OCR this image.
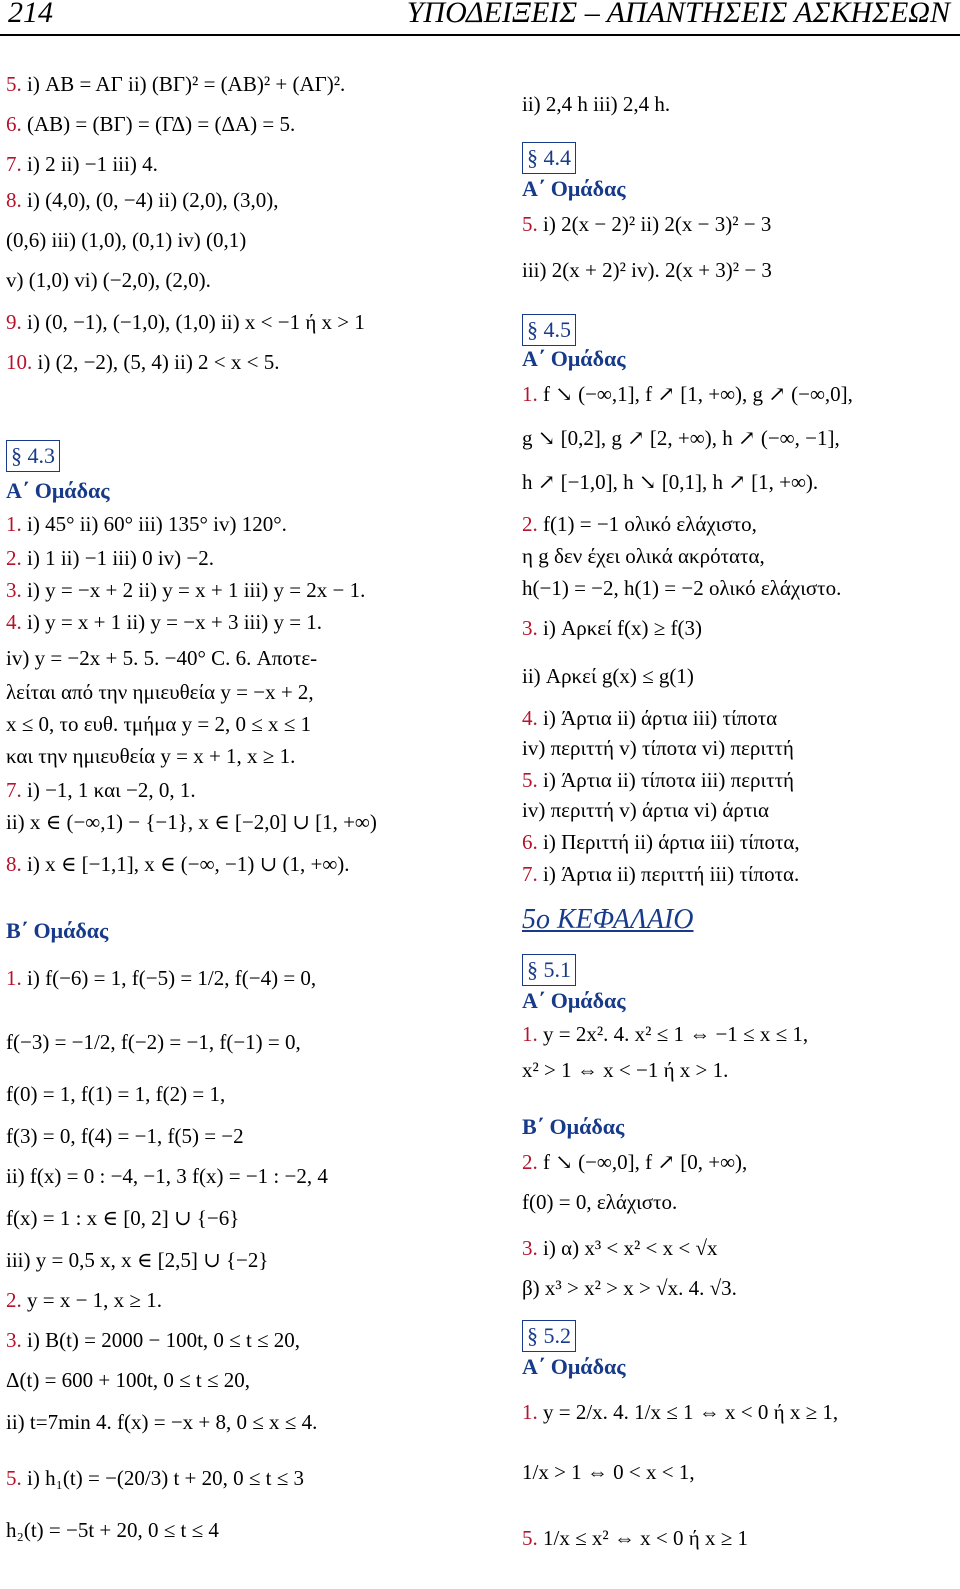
214	ΥΠΟΔΕΙΞΕΙΣ – ΑΠΑΝΤΗΣΕΙΣ ΑΣΚΗΣΕΩΝ
5. i) ΑΒ = ΑΓ ii) (ΒΓ)² = (ΑΒ)² + (ΑΓ)².
6. (ΑΒ) = (ΒΓ) = (ΓΔ) = (ΔΑ) = 5.
7. i) 2 ii) −1 iii) 4.
8. i) (4,0), (0, −4) ii) (2,0), (3,0),
(0,6) iii) (1,0), (0,1) iv) (0,1)
v) (1,0) vi) (−2,0), (2,0).
9. i) (0, −1), (−1,0), (1,0) ii) x < −1 ή x > 1
10. i) (2, −2), (5, 4) ii) 2 < x < 5.
§ 4.3
Α΄ Ομάδας
1. i) 45° ii) 60° iii) 135° iv) 120°.
2. i) 1 ii) −1 iii) 0 iv) −2.
3. i) y = −x + 2 ii) y = x + 1 iii) y = 2x − 1.
4. i) y = x + 1 ii) y = −x + 3 iii) y = 1.
iv) y = −2x + 5. 5. −40° C. 6. Αποτε-
λείται από την ημιευθεία y = −x + 2,
x ≤ 0, το ευθ. τμήμα y = 2, 0 ≤ x ≤ 1
και την ημιευθεία y = x + 1, x ≥ 1.
7. i) −1, 1 και −2, 0, 1.
ii) x ∈ (−∞,1) − {−1}, x ∈ [−2,0] ∪ [1, +∞)
8. i) x ∈ [−1,1], x ∈ (−∞, −1) ∪ (1, +∞).
Β΄ Ομάδας
1. i) f(−6) = 1, f(−5) = 1/2, f(−4) = 0,
f(−3) = −1/2, f(−2) = −1, f(−1) = 0,
f(0) = 1, f(1) = 1, f(2) = 1,
f(3) = 0, f(4) = −1, f(5) = −2
ii) f(x) = 0 : −4, −1, 3 f(x) = −1 : −2, 4
f(x) = 1 : x ∈ [0, 2] ∪ {−6}
iii) y = 0,5 x, x ∈ [2,5] ∪ {−2}
2. y = x − 1, x ≥ 1.
3. i) Β(t) = 2000 − 100t, 0 ≤ t ≤ 20,
Δ(t) = 600 + 100t, 0 ≤ t ≤ 20,
ii) t=7min 4. f(x) = −x + 8, 0 ≤ x ≤ 4.
5. i) h₁(t) = −(20/3) t + 20, 0 ≤ t ≤ 3
h₂(t) = −5t + 20, 0 ≤ t ≤ 4
ii) 2,4 h iii) 2,4 h.
§ 4.4
Α΄ Ομάδας
5. i) 2(x − 2)² ii) 2(x − 3)² − 3
iii) 2(x + 2)² iv). 2(x + 3)² − 3
§ 4.5
Α΄ Ομάδας
1. f ↘ (−∞,1], f ↗ [1, +∞), g ↗ (−∞,0],
g ↘ [0,2], g ↗ [2, +∞), h ↗ (−∞, −1],
h ↗ [−1,0], h ↘ [0,1], h ↗ [1, +∞).
2. f(1) = −1 ολικό ελάχιστο,
η g δεν έχει ολικά ακρότατα,
h(−1) = −2, h(1) = −2 ολικό ελάχιστο.
3. i) Αρκεί f(x) ≥ f(3)
ii) Αρκεί g(x) ≤ g(1)
4. i) Άρτια ii) άρτια iii) τίποτα
iv) περιττή v) τίποτα vi) περιττή
5. i) Άρτια ii) τίποτα iii) περιττή
iv) περιττή v) άρτια vi) άρτια
6. i) Περιττή ii) άρτια iii) τίποτα,
7. i) Άρτια ii) περιττή iii) τίποτα.
5ο ΚΕΦΑΛΑΙΟ
§ 5.1
Α΄ Ομάδας
1. y = 2x². 4. x² ≤ 1 ⇔ −1 ≤ x ≤ 1,
x² > 1 ⇔ x < −1 ή x > 1.
Β΄ Ομάδας
2. f ↘ (−∞,0], f ↗ [0, +∞),
f(0) = 0, ελάχιστο.
3. i) α) x³ < x² < x < √x
β) x³ > x² > x > √x. 4. √3.
§ 5.2
Α΄ Ομάδας
1. y = 2/x. 4. 1/x ≤ 1 ⇔ x < 0 ή x ≥ 1,
1/x > 1 ⇔ 0 < x < 1,
5. 1/x ≤ x² ⇔ x < 0 ή x ≥ 1
